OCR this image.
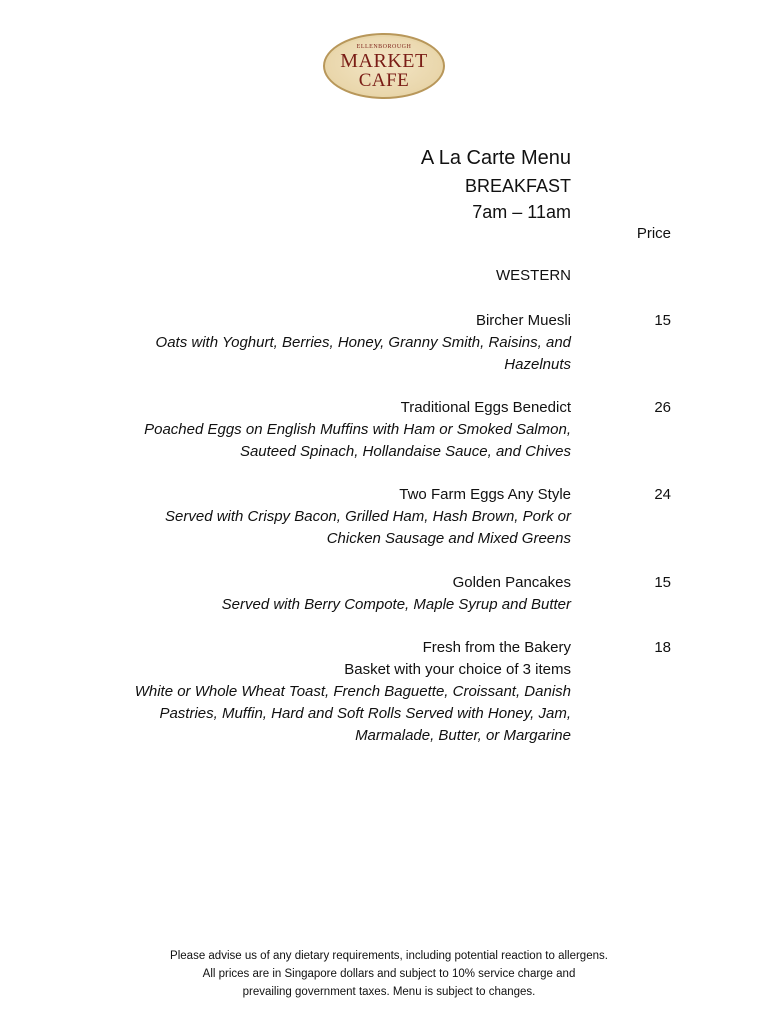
ELLENBOROUGH
MARKET
CAFE
A La Carte Menu
BREAKFAST
7am – 11am
Price
WESTERN
Bircher Muesli
Oats with Yoghurt, Berries, Honey, Granny Smith, Raisins, and
Hazelnuts
15
Traditional Eggs Benedict
Poached Eggs on English Muffins with Ham or Smoked Salmon,
Sauteed Spinach, Hollandaise Sauce, and Chives
26
Two Farm Eggs Any Style
Served with Crispy Bacon, Grilled Ham, Hash Brown, Pork or
Chicken Sausage and Mixed Greens
24
Golden Pancakes
Served with Berry Compote, Maple Syrup and Butter
15
Fresh from the Bakery
Basket with your choice of 3 items
White or Whole Wheat Toast, French Baguette, Croissant, Danish
Pastries, Muffin, Hard and Soft Rolls Served with Honey, Jam,
Marmalade, Butter, or Margarine
18
Please advise us of any dietary requirements, including potential reaction to allergens.
All prices are in Singapore dollars and subject to 10% service charge and
prevailing government taxes. Menu is subject to changes.
